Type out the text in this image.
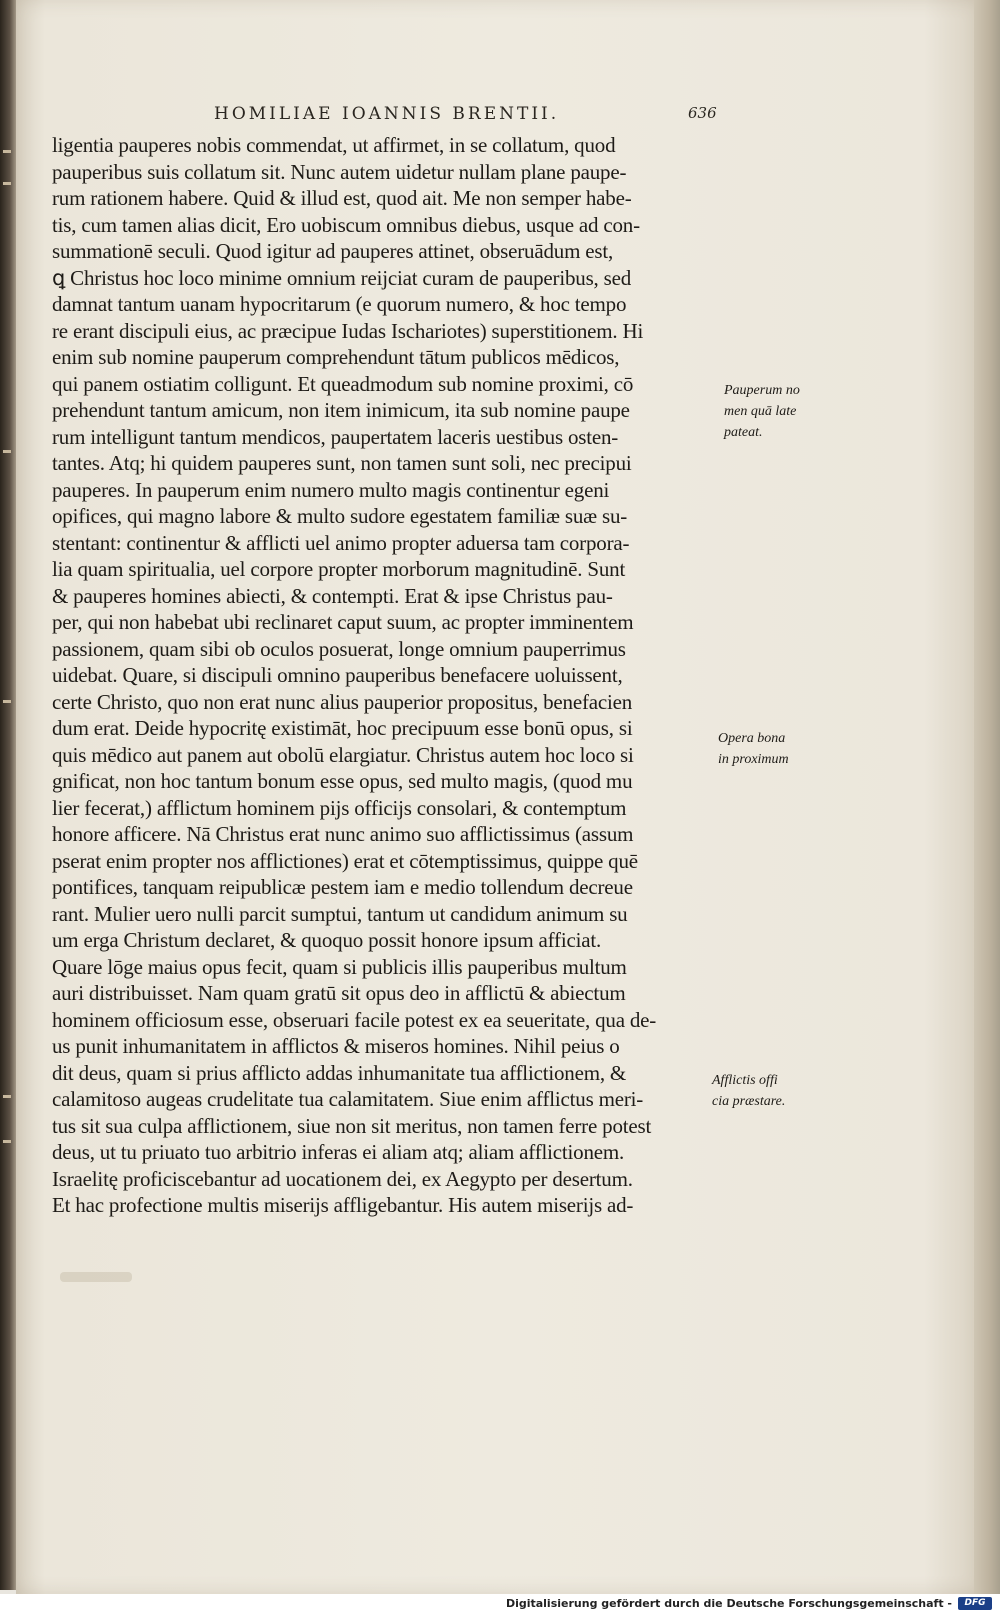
HOMILIAE IOANNIS BRENTII.	636
ligentia pauperes nobis commendat, ut affirmet, in se collatum, quod
pauperibus suis collatum sit. Nunc autem uidetur nullam plane paupe-
rum rationem habere. Quid & illud est, quod ait. Me non semper habe-
tis, cum tamen alias dicit, Ero uobiscum omnibus diebus, usque ad con-
summationē seculi. Quod igitur ad pauperes attinet, obseruādum est,
ꝗ Christus hoc loco minime omnium reijciat curam de pauperibus, sed
damnat tantum uanam hypocritarum (e quorum numero, & hoc tempo
re erant discipuli eius, ac præcipue Iudas Ischariotes) superstitionem. Hi
enim sub nomine pauperum comprehendunt tātum publicos mēdicos,
qui panem ostiatim colligunt. Et queadmodum sub nomine proximi, cō
prehendunt tantum amicum, non item inimicum, ita sub nomine paupe
rum intelligunt tantum mendicos, paupertatem laceris uestibus osten-
tantes. Atq; hi quidem pauperes sunt, non tamen sunt soli, nec precipui
pauperes. In pauperum enim numero multo magis continentur egeni
opifices, qui magno labore & multo sudore egestatem familiæ suæ su-
stentant: continentur & afflicti uel animo propter aduersa tam corpora-
lia quam spiritualia, uel corpore propter morborum magnitudinē. Sunt
& pauperes homines abiecti, & contempti. Erat & ipse Christus pau-
per, qui non habebat ubi reclinaret caput suum, ac propter imminentem
passionem, quam sibi ob oculos posuerat, longe omnium pauperrimus
uidebat. Quare, si discipuli omnino pauperibus benefacere uoluissent,
certe Christo, quo non erat nunc alius pauperior propositus, benefacien
dum erat. Deide hypocritę existimāt, hoc precipuum esse bonū opus, si
quis mēdico aut panem aut obolū elargiatur. Christus autem hoc loco si
gnificat, non hoc tantum bonum esse opus, sed multo magis, (quod mu
lier fecerat,) afflictum hominem pijs officijs consolari, & contemptum
honore afficere. Nā Christus erat nunc animo suo afflictissimus (assum
pserat enim propter nos afflictiones) erat et cōtemptissimus, quippe quē
pontifices, tanquam reipublicæ pestem iam e medio tollendum decreue
rant. Mulier uero nulli parcit sumptui, tantum ut candidum animum su
um erga Christum declaret, & quoquo possit honore ipsum afficiat.
Quare lōge maius opus fecit, quam si publicis illis pauperibus multum
auri distribuisset. Nam quam gratū sit opus deo in afflictū & abiectum
hominem officiosum esse, obseruari facile potest ex ea seueritate, qua de-
us punit inhumanitatem in afflictos & miseros homines. Nihil peius o
dit deus, quam si prius afflicto addas inhumanitate tua afflictionem, &
calamitoso augeas crudelitate tua calamitatem. Siue enim afflictus meri-
tus sit sua culpa afflictionem, siue non sit meritus, non tamen ferre potest
deus, ut tu priuato tuo arbitrio inferas ei aliam atq; aliam afflictionem.
Israelitę proficiscebantur ad uocationem dei, ex Aegypto per desertum.
Et hac profectione multis miserijs affligebantur. His autem miserijs ad-
Pauperum no
men quā late
pateat.
Opera bona
in proximum
Afflictis offi
cia præstare.
Digitalisierung gefördert durch die Deutsche Forschungsgemeinschaft -	DFG
